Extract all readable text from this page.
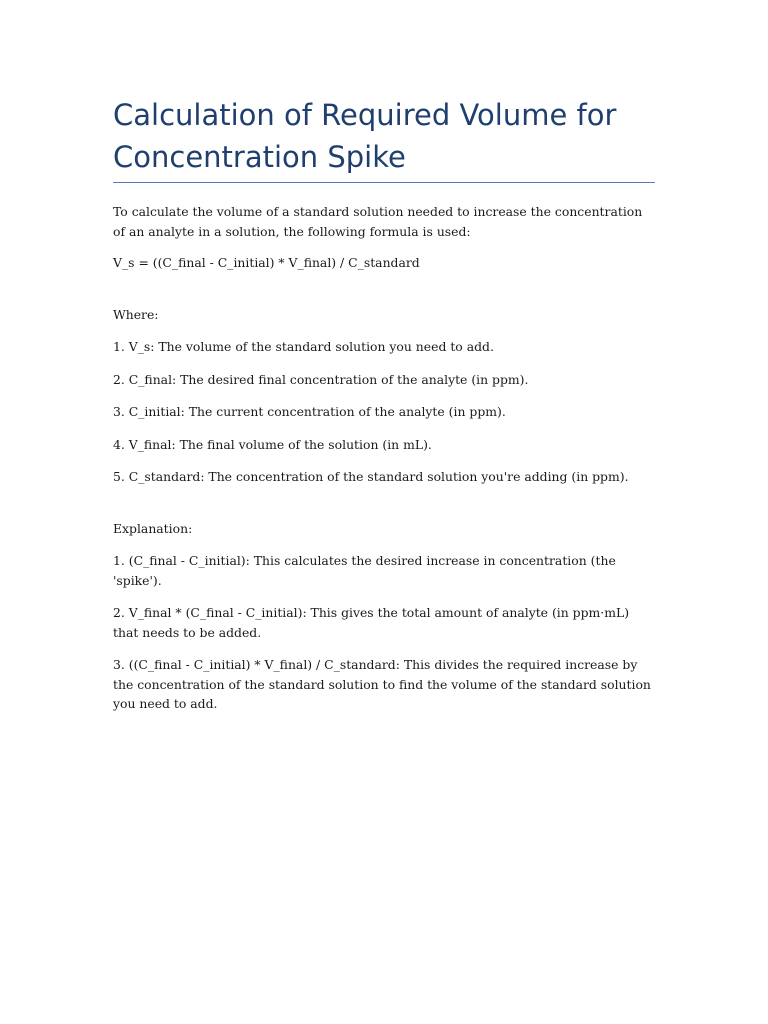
Calculation of Required Volume for Concentration Spike

To calculate the volume of a standard solution needed to increase the concentration of an analyte in a solution, the following formula is used:

V_s = ((C_final - C_initial) * V_final) / C_standard

Where:

1. V_s: The volume of the standard solution you need to add.

2. C_final: The desired final concentration of the analyte (in ppm).

3. C_initial: The current concentration of the analyte (in ppm).

4. V_final: The final volume of the solution (in mL).

5. C_standard: The concentration of the standard solution you're adding (in ppm).

Explanation:

1. (C_final - C_initial): This calculates the desired increase in concentration (the 'spike').

2. V_final * (C_final - C_initial): This gives the total amount of analyte (in ppm·mL) that needs to be added.

3. ((C_final - C_initial) * V_final) / C_standard: This divides the required increase by the concentration of the standard solution to find the volume of the standard solution you need to add.
